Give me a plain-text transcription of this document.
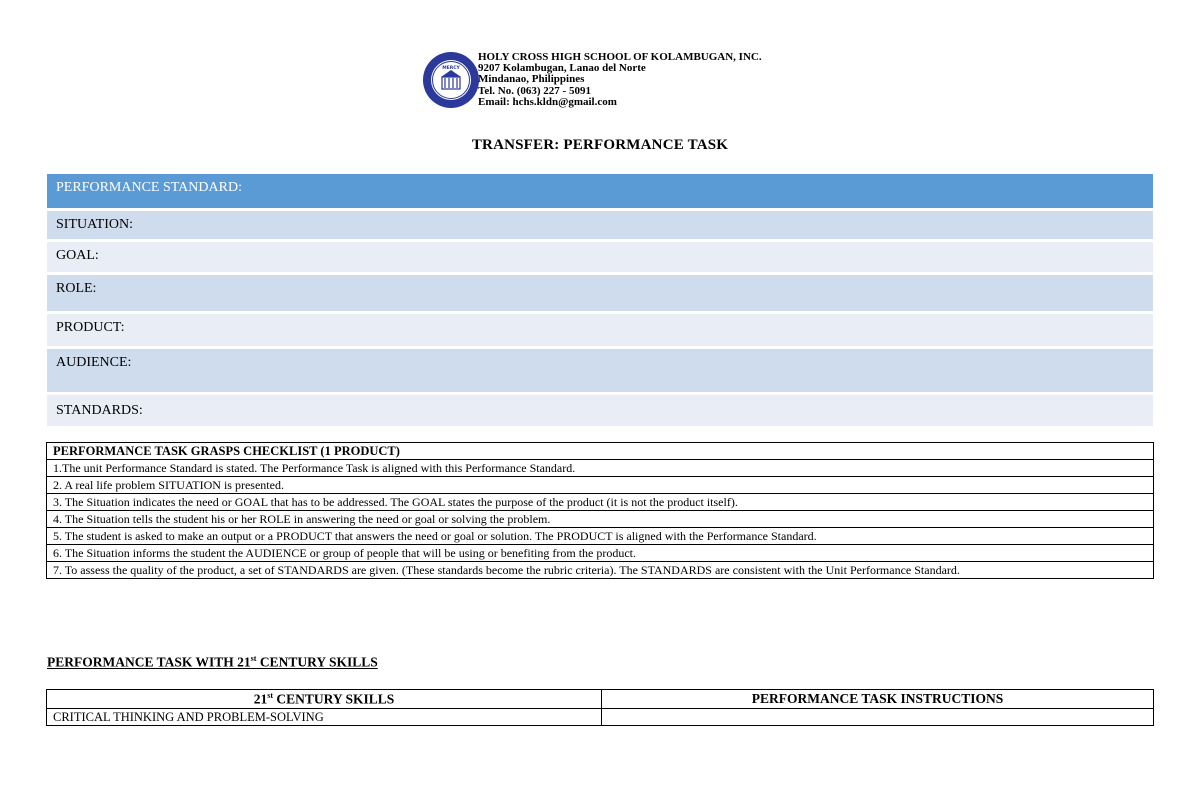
MERCY
HOLY CROSS HIGH SCHOOL OF KOLAMBUGAN, INC.
9207 Kolambugan, Lanao del Norte
Mindanao, Philippines
Tel. No. (063) 227 - 5091
Email: hchs.kldn@gmail.com
TRANSFER: PERFORMANCE TASK
PERFORMANCE STANDARD:
SITUATION:
GOAL:
ROLE:
PRODUCT:
AUDIENCE:
STANDARDS:
PERFORMANCE TASK GRASPS CHECKLIST (1 PRODUCT)
1.The unit Performance Standard is stated. The Performance Task is aligned with this Performance Standard.
2. A real life problem SITUATION is presented.
3. The Situation indicates the need or GOAL that has to be addressed. The GOAL states the purpose of the product (it is not the product itself).
4. The Situation tells the student his or her ROLE in answering the need or goal or solving the problem.
5. The student is asked to make an output or a PRODUCT that answers the need or goal or solution. The PRODUCT is aligned with the Performance Standard.
6. The Situation informs the student the AUDIENCE or group of people that will be using or benefiting from the product.
7. To assess the quality of the product, a set of STANDARDS are given. (These standards become the rubric criteria). The STANDARDS are consistent with the Unit Performance Standard.
PERFORMANCE TASK WITH 21st CENTURY SKILLS
21st CENTURY SKILLS	PERFORMANCE TASK INSTRUCTIONS
CRITICAL THINKING AND PROBLEM-SOLVING	
